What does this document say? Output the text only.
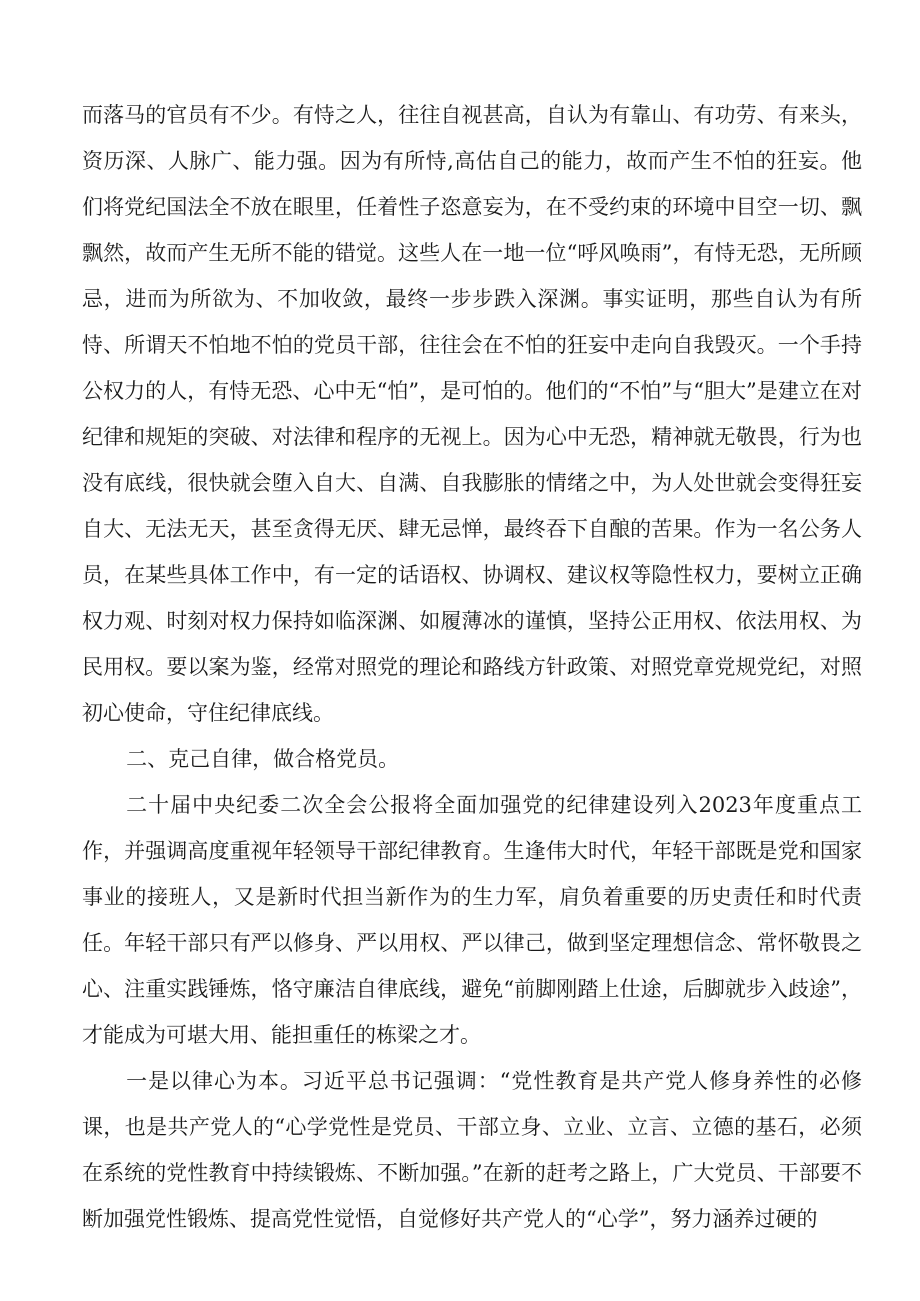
而落马的官员有不少。有恃之人，往往自视甚高，自认为有靠山、有功劳、有来头，资历深、人脉广、能力强。因为有所恃,高估自己的能力，故而产生不怕的狂妄。他们将党纪国法全不放在眼里，任着性子恣意妄为，在不受约束的环境中目空一切、飘飘然，故而产生无所不能的错觉。这些人在一地一位“呼风唤雨”，有恃无恐，无所顾忌，进而为所欲为、不加收敛，最终一步步跌入深渊。事实证明，那些自认为有所恃、所谓天不怕地不怕的党员干部，往往会在不怕的狂妄中走向自我毁灭。一个手持公权力的人，有恃无恐、心中无“怕”，是可怕的。他们的“不怕”与“胆大”是建立在对纪律和规矩的突破、对法律和程序的无视上。因为心中无恐，精神就无敬畏，行为也没有底线，很快就会堕入自大、自满、自我膨胀的情绪之中，为人处世就会变得狂妄自大、无法无天，甚至贪得无厌、肆无忌惮，最终吞下自酿的苦果。作为一名公务人员，在某些具体工作中，有一定的话语权、协调权、建议权等隐性权力，要树立正确权力观、时刻对权力保持如临深渊、如履薄冰的谨慎，坚持公正用权、依法用权、为民用权。要以案为鉴，经常对照党的理论和路线方针政策、对照党章党规党纪，对照初心使命，守住纪律底线。

二、克己自律，做合格党员。

二十届中央纪委二次全会公报将全面加强党的纪律建设列入2023年度重点工作，并强调高度重视年轻领导干部纪律教育。生逢伟大时代，年轻干部既是党和国家事业的接班人，又是新时代担当新作为的生力军，肩负着重要的历史责任和时代责任。年轻干部只有严以修身、严以用权、严以律己，做到坚定理想信念、常怀敬畏之心、注重实践锤炼，恪守廉洁自律底线，避免“前脚刚踏上仕途，后脚就步入歧途”，才能成为可堪大用、能担重任的栋梁之才。

一是以律心为本。习近平总书记强调：“党性教育是共产党人修身养性的必修课，也是共产党人的“心学党性是党员、干部立身、立业、立言、立德的基石，必须在系统的党性教育中持续锻炼、不断加强。”在新的赶考之路上，广大党员、干部要不断加强党性锻炼、提高党性觉悟，自觉修好共产党人的“心学”，努力涵养过硬的
